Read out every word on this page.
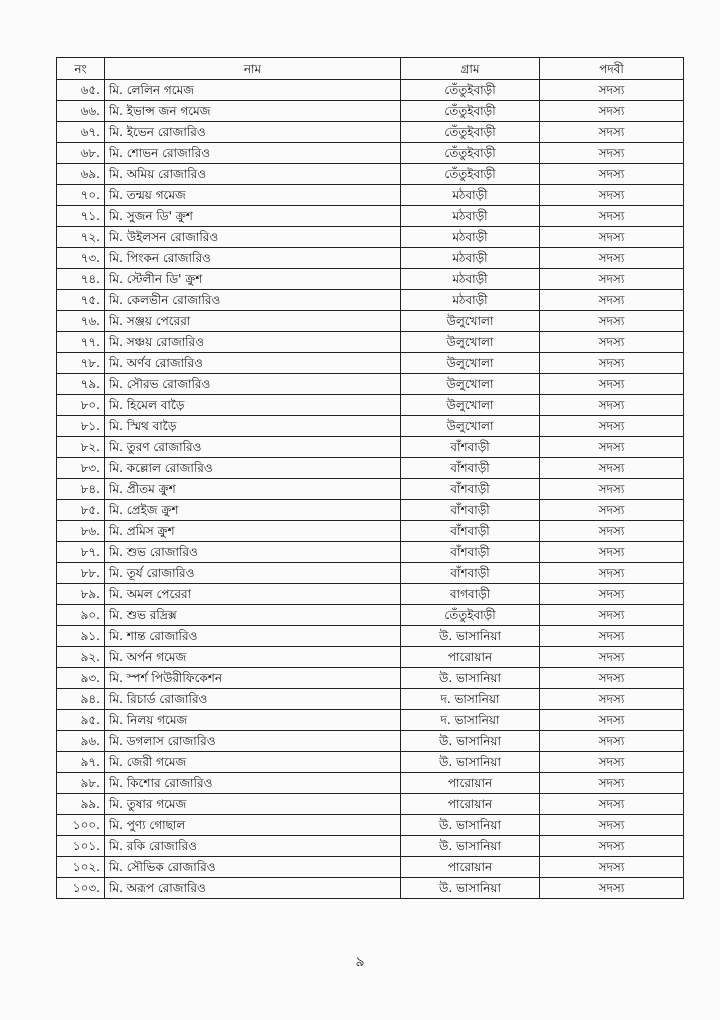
নং	নাম	গ্রাম	পদবী
৬৫.	মি. লেলিন গমেজ	তেঁতুইবাড়ী	সদস্য
৬৬.	মি. ইভান্স জন গমেজ	তেঁতুইবাড়ী	সদস্য
৬৭.	মি. ইভেন রোজারিও	তেঁতুইবাড়ী	সদস্য
৬৮.	মি. শোভন রোজারিও	তেঁতুইবাড়ী	সদস্য
৬৯.	মি. অমিয় রোজারিও	তেঁতুইবাড়ী	সদস্য
৭০.	মি. তন্ময় গমেজ	মঠবাড়ী	সদস্য
৭১.	মি. সুজন ডি' ক্রুশ	মঠবাড়ী	সদস্য
৭২.	মি. উইলসন রোজারিও	মঠবাড়ী	সদস্য
৭৩.	মি. পিংকন রোজারিও	মঠবাড়ী	সদস্য
৭৪.	মি. স্টেলীন ডি' ক্রুশ	মঠবাড়ী	সদস্য
৭৫.	মি. কেলভীন রোজারিও	মঠবাড়ী	সদস্য
৭৬.	মি. সঞ্জয় পেরেরা	উলুখোলা	সদস্য
৭৭.	মি. সঞ্চয় রোজারিও	উলুখোলা	সদস্য
৭৮.	মি. অর্ণব রোজারিও	উলুখোলা	সদস্য
৭৯.	মি. সৌরভ রোজারিও	উলুখোলা	সদস্য
৮০.	মি. হিমেল বাড়ৈ	উলুখোলা	সদস্য
৮১.	মি. স্মিথ বাড়ৈ	উলুখোলা	সদস্য
৮২.	মি. তুরণ রোজারিও	বাঁশবাড়ী	সদস্য
৮৩.	মি. কল্লোল রোজারিও	বাঁশবাড়ী	সদস্য
৮৪.	মি. প্রীতম ক্রুশ	বাঁশবাড়ী	সদস্য
৮৫.	মি. প্রেইজ ক্রুশ	বাঁশবাড়ী	সদস্য
৮৬.	মি. প্রমিস ক্রুশ	বাঁশবাড়ী	সদস্য
৮৭.	মি. শুভ রোজারিও	বাঁশবাড়ী	সদস্য
৮৮.	মি. তূর্য রোজারিও	বাঁশবাড়ী	সদস্য
৮৯.	মি. অমল পেরেরা	বাগবাড়ী	সদস্য
৯০.	মি. শুভ রদ্রিক্স	তেঁতুইবাড়ী	সদস্য
৯১.	মি. শান্ত রোজারিও	উ. ভাসানিয়া	সদস্য
৯২.	মি. অর্পন গমেজ	পারোয়ান	সদস্য
৯৩.	মি. স্পর্শ পিউরীফিকেশন	উ. ভাসানিয়া	সদস্য
৯৪.	মি. রিচার্ড রোজারিও	দ. ভাসানিয়া	সদস্য
৯৫.	মি. নিলয় গমেজ	দ. ভাসানিয়া	সদস্য
৯৬.	মি. ডগলাস রোজারিও	উ. ভাসানিয়া	সদস্য
৯৭.	মি. জেরী গমেজ	উ. ভাসানিয়া	সদস্য
৯৮.	মি. কিশোর রোজারিও	পারোয়ান	সদস্য
৯৯.	মি. তুষার গমেজ	পারোয়ান	সদস্য
১০০.	মি. পুণ্য গোছাল	উ. ভাসানিয়া	সদস্য
১০১.	মি. রকি রোজারিও	উ. ভাসানিয়া	সদস্য
১০২.	মি. সৌভিক রোজারিও	পারোয়ান	সদস্য
১০৩.	মি. অরূপ রোজারিও	উ. ভাসানিয়া	সদস্য
৯
